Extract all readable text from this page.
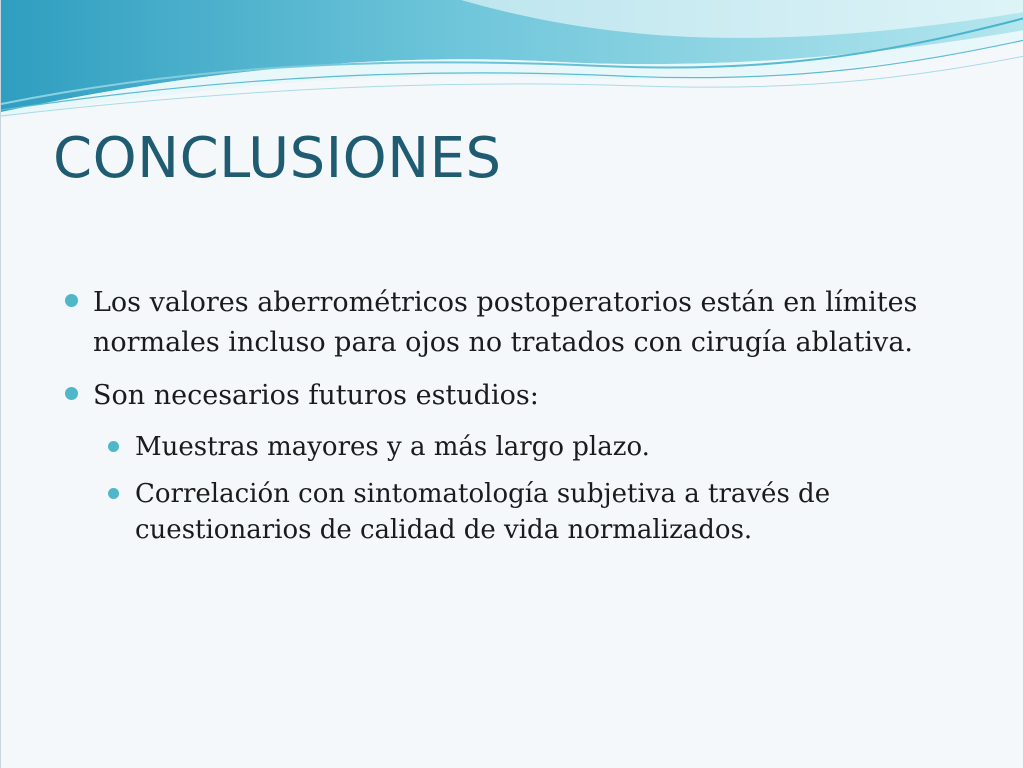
CONCLUSIONES
Los valores aberrométricos postoperatorios están en límites normales incluso para ojos no tratados con cirugía ablativa.
Son necesarios futuros estudios:
Muestras mayores y a más largo plazo.
Correlación con sintomatología subjetiva a través de cuestionarios de calidad de vida normalizados.
